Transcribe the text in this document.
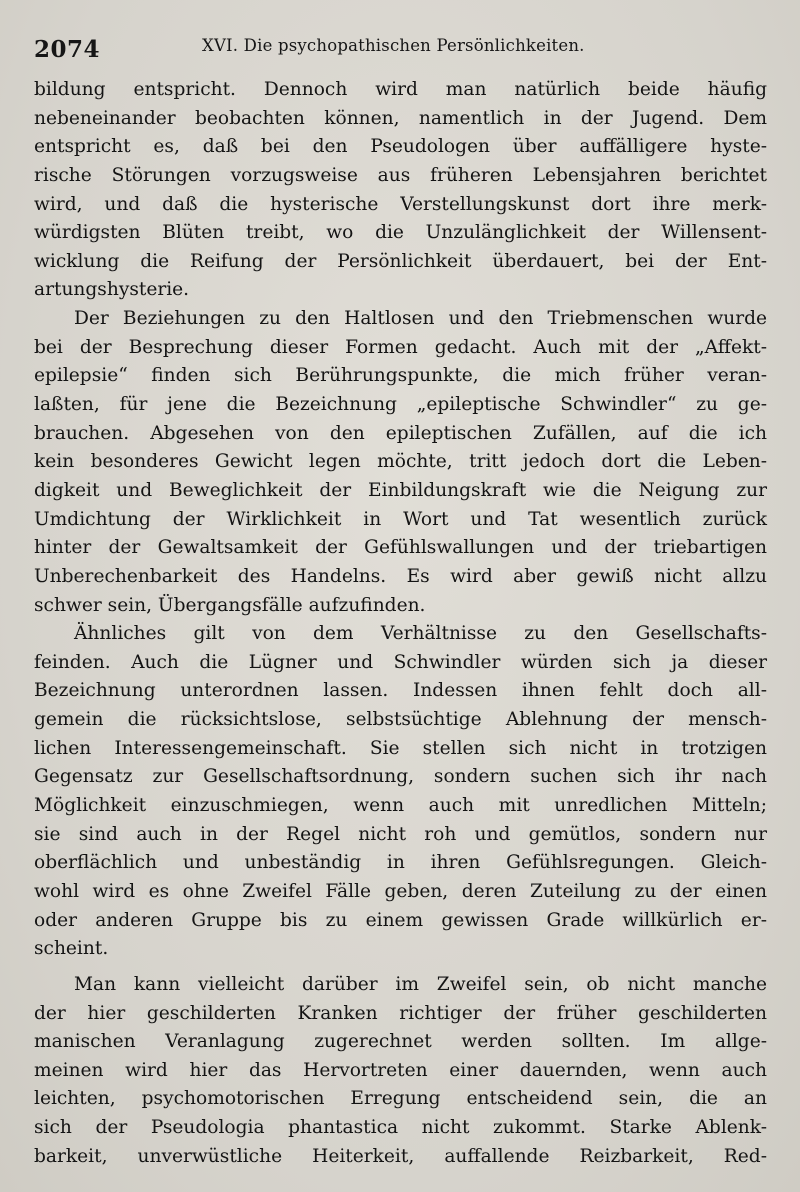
2074	XVI. Die psychopathischen Persönlichkeiten.
bildung entspricht. Dennoch wird man natürlich beide häufig
nebeneinander beobachten können, namentlich in der Jugend. Dem
entspricht es, daß bei den Pseudologen über auffälligere hyste-
rische Störungen vorzugsweise aus früheren Lebensjahren berichtet
wird, und daß die hysterische Verstellungskunst dort ihre merk-
würdigsten Blüten treibt, wo die Unzulänglichkeit der Willensent-
wicklung die Reifung der Persönlichkeit überdauert, bei der Ent-
artungshysterie.
Der Beziehungen zu den Haltlosen und den Triebmenschen wurde
bei der Besprechung dieser Formen gedacht. Auch mit der „Affekt-
epilepsie“ finden sich Berührungspunkte, die mich früher veran-
laßten, für jene die Bezeichnung „epileptische Schwindler“ zu ge-
brauchen. Abgesehen von den epileptischen Zufällen, auf die ich
kein besonderes Gewicht legen möchte, tritt jedoch dort die Leben-
digkeit und Beweglichkeit der Einbildungskraft wie die Neigung zur
Umdichtung der Wirklichkeit in Wort und Tat wesentlich zurück
hinter der Gewaltsamkeit der Gefühlswallungen und der triebartigen
Unberechenbarkeit des Handelns. Es wird aber gewiß nicht allzu
schwer sein, Übergangsfälle aufzufinden.
Ähnliches gilt von dem Verhältnisse zu den Gesellschafts-
feinden. Auch die Lügner und Schwindler würden sich ja dieser
Bezeichnung unterordnen lassen. Indessen ihnen fehlt doch all-
gemein die rücksichtslose, selbstsüchtige Ablehnung der mensch-
lichen Interessengemeinschaft. Sie stellen sich nicht in trotzigen
Gegensatz zur Gesellschaftsordnung, sondern suchen sich ihr nach
Möglichkeit einzuschmiegen, wenn auch mit unredlichen Mitteln;
sie sind auch in der Regel nicht roh und gemütlos, sondern nur
oberflächlich und unbeständig in ihren Gefühlsregungen. Gleich-
wohl wird es ohne Zweifel Fälle geben, deren Zuteilung zu der einen
oder anderen Gruppe bis zu einem gewissen Grade willkürlich er-
scheint.
Man kann vielleicht darüber im Zweifel sein, ob nicht manche
der hier geschilderten Kranken richtiger der früher geschilderten
manischen Veranlagung zugerechnet werden sollten. Im allge-
meinen wird hier das Hervortreten einer dauernden, wenn auch
leichten, psychomotorischen Erregung entscheidend sein, die an
sich der Pseudologia phantastica nicht zukommt. Starke Ablenk-
barkeit, unverwüstliche Heiterkeit, auffallende Reizbarkeit, Red-
